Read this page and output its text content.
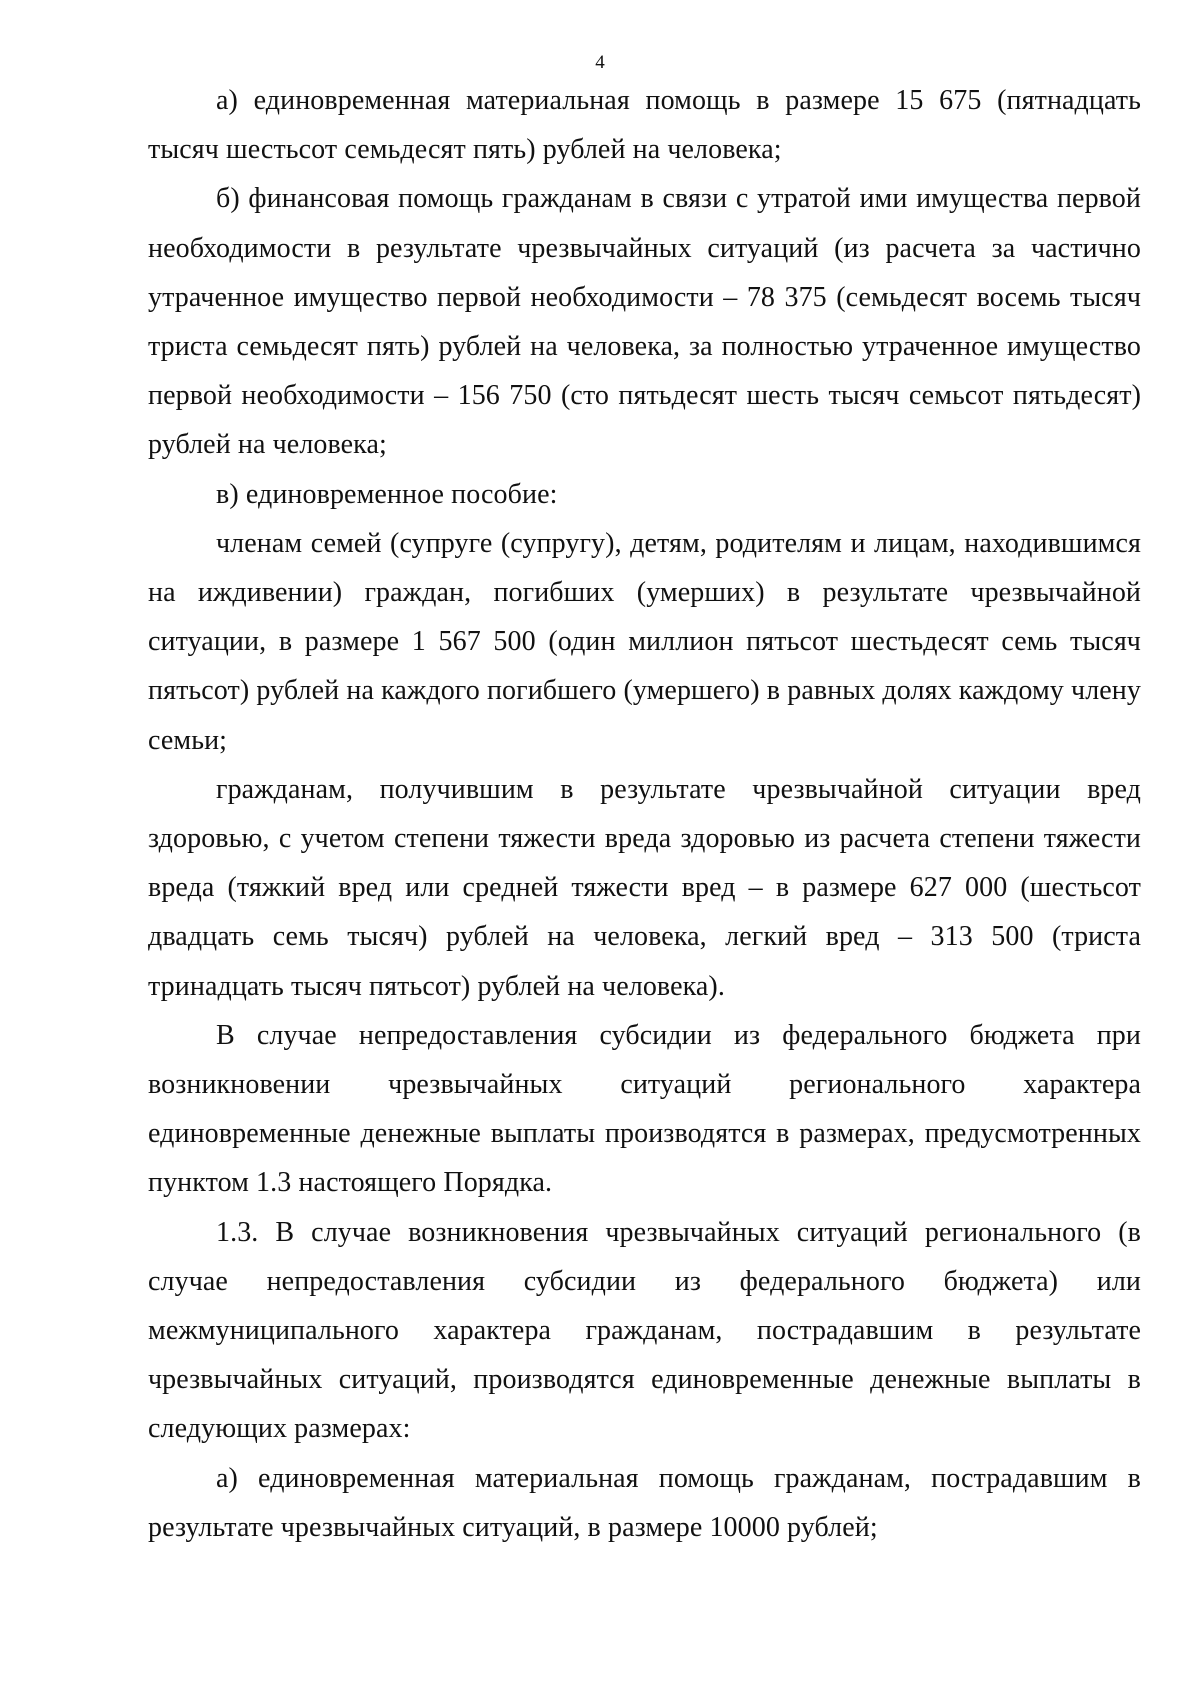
4

а) единовременная материальная помощь в размере 15 675 (пятнадцать тысяч шестьсот семьдесят пять) рублей на человека;

б) финансовая помощь гражданам в связи с утратой ими имущества первой необходимости в результате чрезвычайных ситуаций (из расчета за частично утраченное имущество первой необходимости – 78 375 (семьдесят восемь тысяч триста семьдесят пять) рублей на человека, за полностью утраченное имущество первой необходимости – 156 750 (сто пятьдесят шесть тысяч семьсот пятьдесят) рублей на человека;

в) единовременное пособие:

членам семей (супруге (супругу), детям, родителям и лицам, находившимся на иждивении) граждан, погибших (умерших) в результате чрезвычайной ситуации, в размере 1 567 500 (один миллион пятьсот шестьдесят семь тысяч пятьсот) рублей на каждого погибшего (умершего) в равных долях каждому члену семьи;

гражданам, получившим в результате чрезвычайной ситуации вред здоровью, с учетом степени тяжести вреда здоровью из расчета степени тяжести вреда (тяжкий вред или средней тяжести вред – в размере 627 000 (шестьсот двадцать семь тысяч) рублей на человека, легкий вред – 313 500 (триста тринадцать тысяч пятьсот) рублей на человека).

В случае непредоставления субсидии из федерального бюджета при возникновении чрезвычайных ситуаций регионального характера единовременные денежные выплаты производятся в размерах, предусмотренных пунктом 1.3 настоящего Порядка.

1.3. В случае возникновения чрезвычайных ситуаций регионального (в случае непредоставления субсидии из федерального бюджета) или межмуниципального характера гражданам, пострадавшим в результате чрезвычайных ситуаций, производятся единовременные денежные выплаты в следующих размерах:

а) единовременная материальная помощь гражданам, пострадавшим в результате чрезвычайных ситуаций, в размере 10000 рублей;
